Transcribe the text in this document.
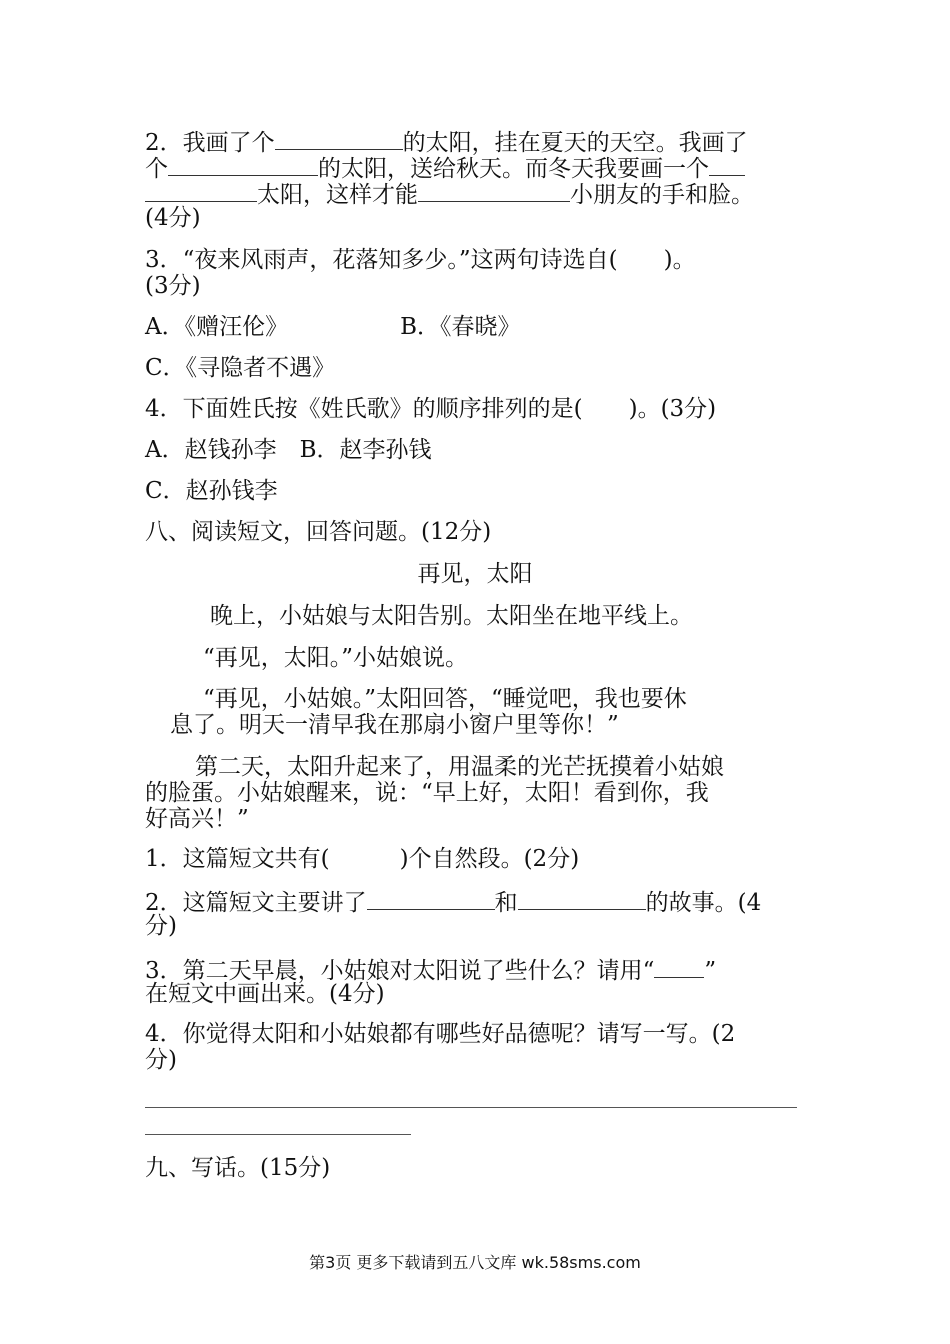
2．我画了个	的太阳，挂在夏天的天空。我画了
个	的太阳，送给秋天。而冬天我要画一个
太阳，这样才能	小朋友的手和脸。
(4分)
3．“夜来风雨声，花落知多少。”这两句诗选自(　　)。
(3分)
A．《赠汪伦》	B．《春晓》
C．《寻隐者不遇》
4．下面姓氏按《姓氏歌》的顺序排列的是(　　)。(3分)
A．赵钱孙李　B．赵李孙钱
C．赵孙钱李
八、阅读短文，回答问题。(12分)
再见，太阳
晚上，小姑娘与太阳告别。太阳坐在地平线上。
“再见，太阳。”小姑娘说。
“再见，小姑娘。”太阳回答，“睡觉吧，我也要休
息了。明天一清早我在那扇小窗户里等你！”
第二天，太阳升起来了，用温柔的光芒抚摸着小姑娘
的脸蛋。小姑娘醒来，说：“早上好，太阳！看到你，我
好高兴！”
1．这篇短文共有(	)个自然段。(2分)
2．这篇短文主要讲了	和	的故事。(4
分)
3．第二天早晨，小姑娘对太阳说了些什么？请用“ ”
在短文中画出来。(4分)
4．你觉得太阳和小姑娘都有哪些好品德呢？请写一写。(2
分)
九、写话。(15分)
第3页 更多下载请到五八文库 wk.58sms.com
